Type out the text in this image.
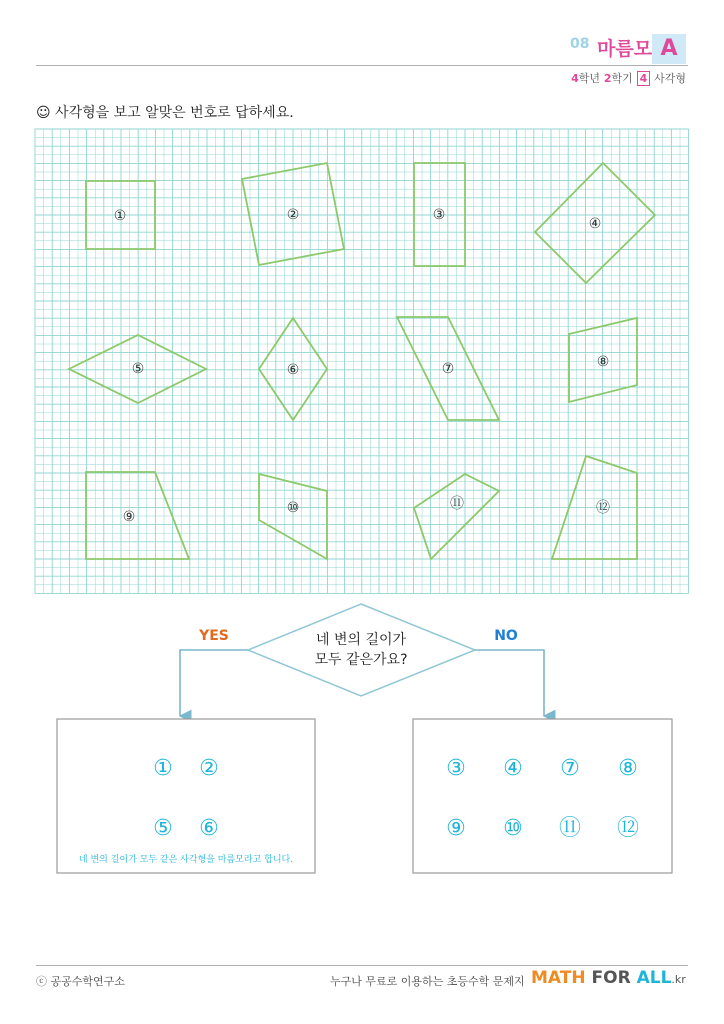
08 마름모 A
4학년 2학기 4 사각형
☺ 사각형을 보고 알맞은 번호로 답하세요.
①	②	③
④
⑤	⑥	⑦	⑧
⑨
⑩	⑪	⑫
네 변의 길이가
모두 같은가요?
YES	NO
① ②
⑤ ⑥
네 변의 길이가 모두 같은 사각형을 마름모라고 합니다.
③ ④ ⑦ ⑧
⑨ ⑩ ⑪ ⑫
ⓒ 공공수학연구소	누구나 무료로 이용하는 초등수학 문제지 MATH FOR ALL.kr
